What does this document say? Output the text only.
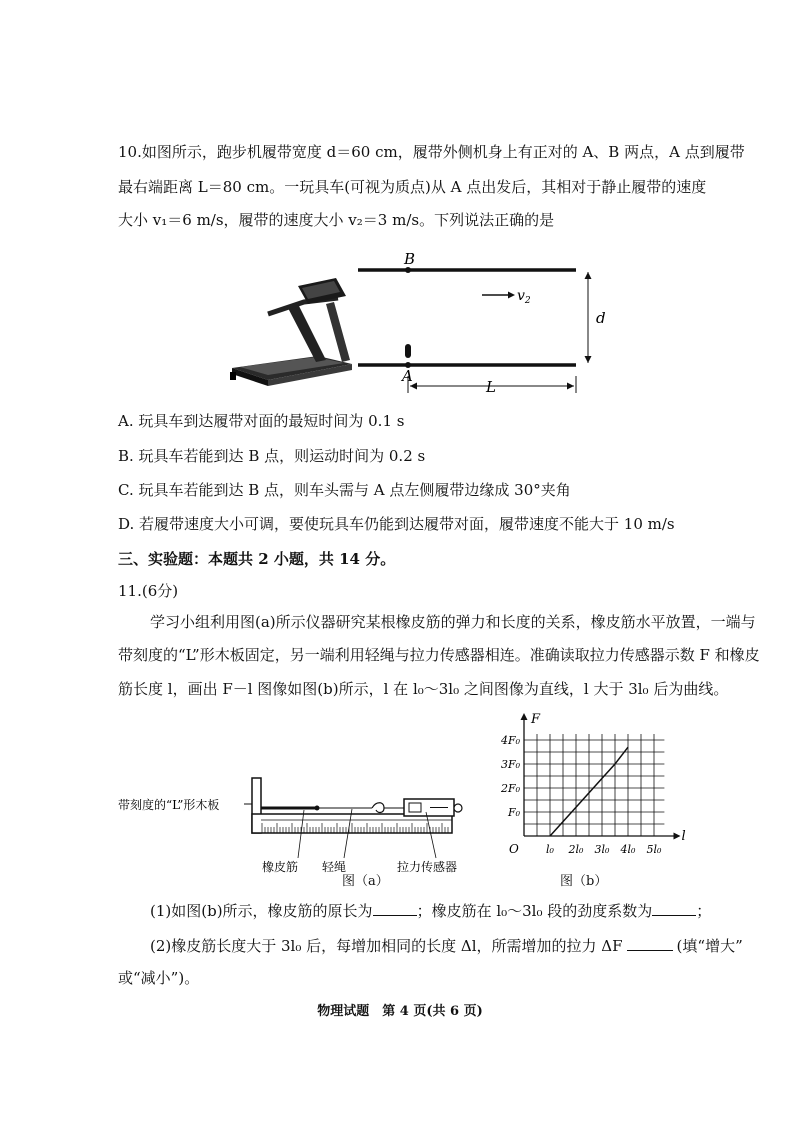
10.如图所示，跑步机履带宽度 d＝60 cm，履带外侧机身上有正对的 A、B 两点，A 点到履带
最右端距离 L＝80 cm。一玩具车(可视为质点)从 A 点出发后，其相对于静止履带的速度
大小 v₁＝6 m/s，履带的速度大小 v₂＝3 m/s。下列说法正确的是
B
A
$v_2$
d
L
A. 玩具车到达履带对面的最短时间为 0.1 s
B. 玩具车若能到达 B 点，则运动时间为 0.2 s
C. 玩具车若能到达 B 点，则车头需与 A 点左侧履带边缘成 30°夹角
D. 若履带速度大小可调，要使玩具车仍能到达履带对面，履带速度不能大于 10 m/s
三、实验题：本题共 2 小题，共 14 分。
11.(6分)
学习小组利用图(a)所示仪器研究某根橡皮筋的弹力和长度的关系，橡皮筋水平放置，一端与
带刻度的“L”形木板固定，另一端利用轻绳与拉力传感器相连。准确读取拉力传感器示数 F 和橡皮
筋长度 l，画出 F－l 图像如图(b)所示，l 在 l₀～3l₀ 之间图像为直线，l 大于 3l₀ 后为曲线。
带刻度的“L”形木板
橡皮筋 轻绳	拉力传感器
图（a）
F
l
O
F₀
2F₀
3F₀
4F₀
l₀ 2l₀ 3l₀ 4l₀ 5l₀
图（b）
(1)如图(b)所示，橡皮筋的原长为	；橡皮筋在 l₀～3l₀ 段的劲度系数为	；
(2)橡皮筋长度大于 3l₀ 后，每增加相同的长度 Δl，所需增加的拉力 ΔF	(填“增大”
或“减小”)。
物理试题　第 4 页(共 6 页)
